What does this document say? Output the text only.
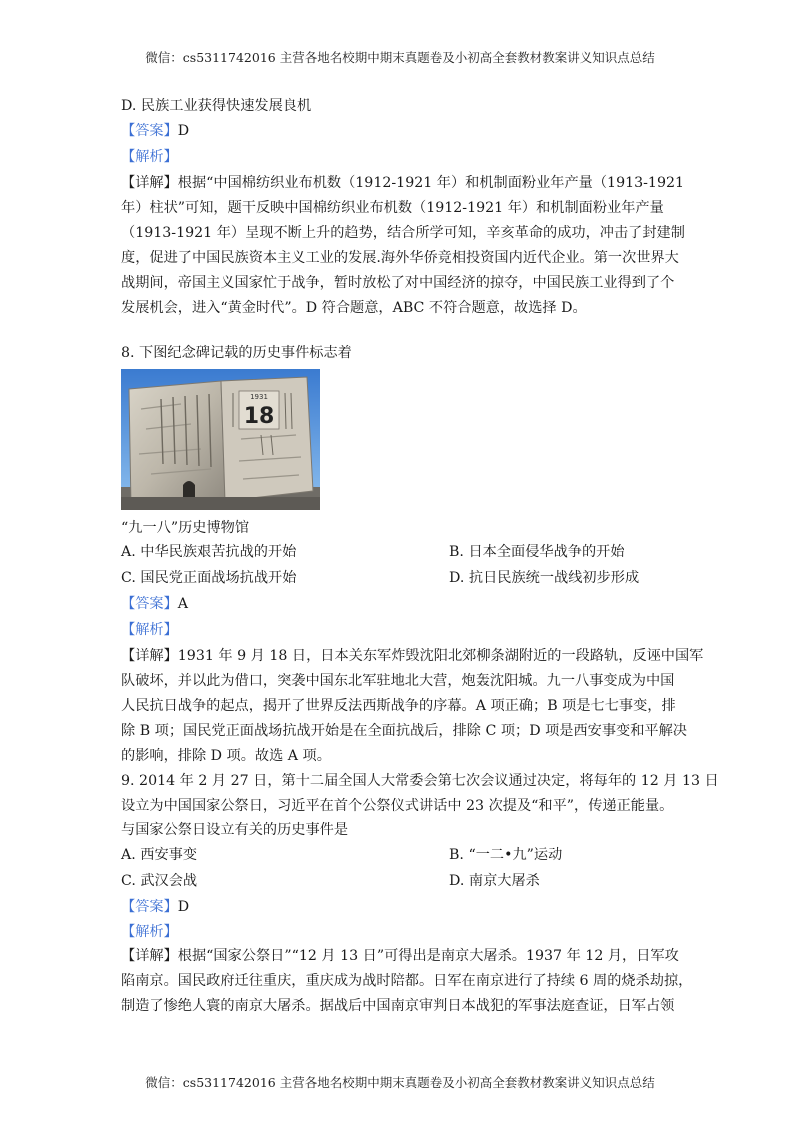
微信：cs5311742016 主营各地名校期中期末真题卷及小初高全套教材教案讲义知识点总结
D. 民族工业获得快速发展良机
【答案】D
【解析】
【详解】根据“中国棉纺织业布机数（1912-1921 年）和机制面粉业年产量（1913-1921
年）柱状”可知，题干反映中国棉纺织业布机数（1912-1921 年）和机制面粉业年产量
（1913-1921 年）呈现不断上升的趋势，结合所学可知，辛亥革命的成功，冲击了封建制
度，促进了中国民族资本主义工业的发展.海外华侨竞相投资国内近代企业。第一次世界大
战期间，帝国主义国家忙于战争，暂时放松了对中国经济的掠夺，中国民族工业得到了个
发展机会，进入“黄金时代”。D 符合题意，ABC 不符合题意，故选择 D。
8. 下图纪念碑记载的历史事件标志着
1931
18
“九一八”历史博物馆
A. 中华民族艰苦抗战的开始	B. 日本全面侵华战争的开始
C. 国民党正面战场抗战开始	D. 抗日民族统一战线初步形成
【答案】A
【解析】
【详解】1931 年 9 月 18 日，日本关东军炸毁沈阳北郊柳条湖附近的一段路轨，反诬中国军
队破坏，并以此为借口，突袭中国东北军驻地北大营，炮轰沈阳城。九一八事变成为中国
人民抗日战争的起点，揭开了世界反法西斯战争的序幕。A 项正确；B 项是七七事变，排
除 B 项；国民党正面战场抗战开始是在全面抗战后，排除 C 项；D 项是西安事变和平解决
的影响，排除 D 项。故选 A 项。
9. 2014 年 2 月 27 日，第十二届全国人大常委会第七次会议通过决定，将每年的 12 月 13 日
设立为中国国家公祭日，习近平在首个公祭仪式讲话中 23 次提及“和平”，传递正能量。
与国家公祭日设立有关的历史事件是
A. 西安事变	B. “一二•九”运动
C. 武汉会战	D. 南京大屠杀
【答案】D
【解析】
【详解】根据“国家公祭日”“12 月 13 日”可得出是南京大屠杀。1937 年 12 月，日军攻
陷南京。国民政府迁往重庆，重庆成为战时陪都。日军在南京进行了持续 6 周的烧杀劫掠，
制造了惨绝人寰的南京大屠杀。据战后中国南京审判日本战犯的军事法庭查证，日军占领
微信：cs5311742016 主营各地名校期中期末真题卷及小初高全套教材教案讲义知识点总结
